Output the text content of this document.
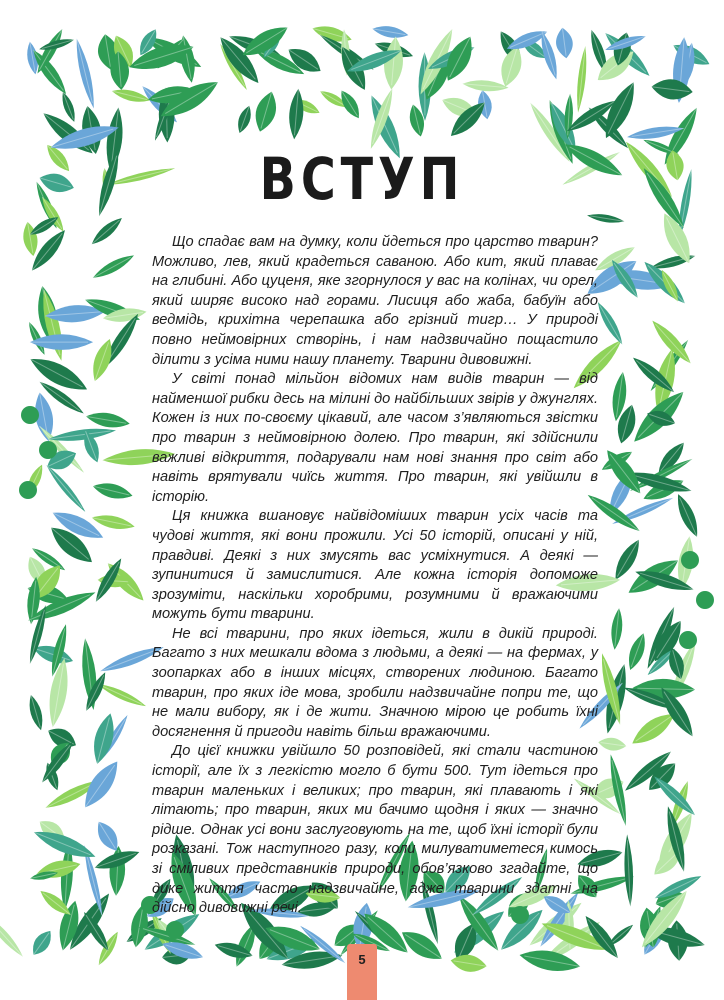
ВСТУП

Що спадає вам на думку, коли йдеться про царство тварин? Можливо, лев, який крадеться саваною. Або кит, який плаває на глибині. Або цуценя, яке згорнулося у вас на колінах, чи орел, який ширяє високо над горами. Лисиця або жаба, бабуїн або ведмідь, крихітна черепашка або грізний тигр… У природі повно неймовірних створінь, і нам надзвичайно пощастило ділити з усіма ними нашу планету. Тварини дивовижні.

У світі понад мільйон відомих нам видів тварин — від найменшої рибки десь на мілині до найбільших звірів у джунглях. Кожен із них по-своєму цікавий, але часом з’являються звістки про тварин з неймовірною долею. Про тварин, які здійснили важливі відкриття, подарували нам нові знання про світ або навіть врятували чиїсь життя. Про тварин, які увійшли в історію.

Ця книжка вшановує найвідоміших тварин усіх часів та чудові життя, які вони прожили. Усі 50 історій, описані у ній, правдиві. Деякі з них змусять вас усміхнутися. А деякі — зупинитися й замислитися. Але кожна історія допоможе зрозуміти, наскільки хоробрими, розумними й вражаючими можуть бути тварини.

Не всі тварини, про яких ідеться, жили в дикій природі. Багато з них мешкали вдома з людьми, а деякі — на фермах, у зоопарках або в інших місцях, створених людиною. Багато тварин, про яких іде мова, зробили надзвичайне попри те, що не мали вибору, як і де жити. Значною мірою це робить їхні досягнення й пригоди навіть більш вражаючими.

До цієї книжки увійшло 50 розповідей, які стали частиною історії, але їх з легкістю могло б бути 500. Тут ідеться про тварин маленьких і великих; про тварин, які плавають і які літають; про тварин, яких ми бачимо щодня і яких — значно рідше. Однак усі вони заслуговують на те, щоб їхні історії були розказані. Тож наступного разу, коли милуватиметеся кимось зі сміливих представників природи, обов’язково згадайте, що дике життя часто надзвичайне, адже тварини здатні на дійсно дивовижні речі.

5
